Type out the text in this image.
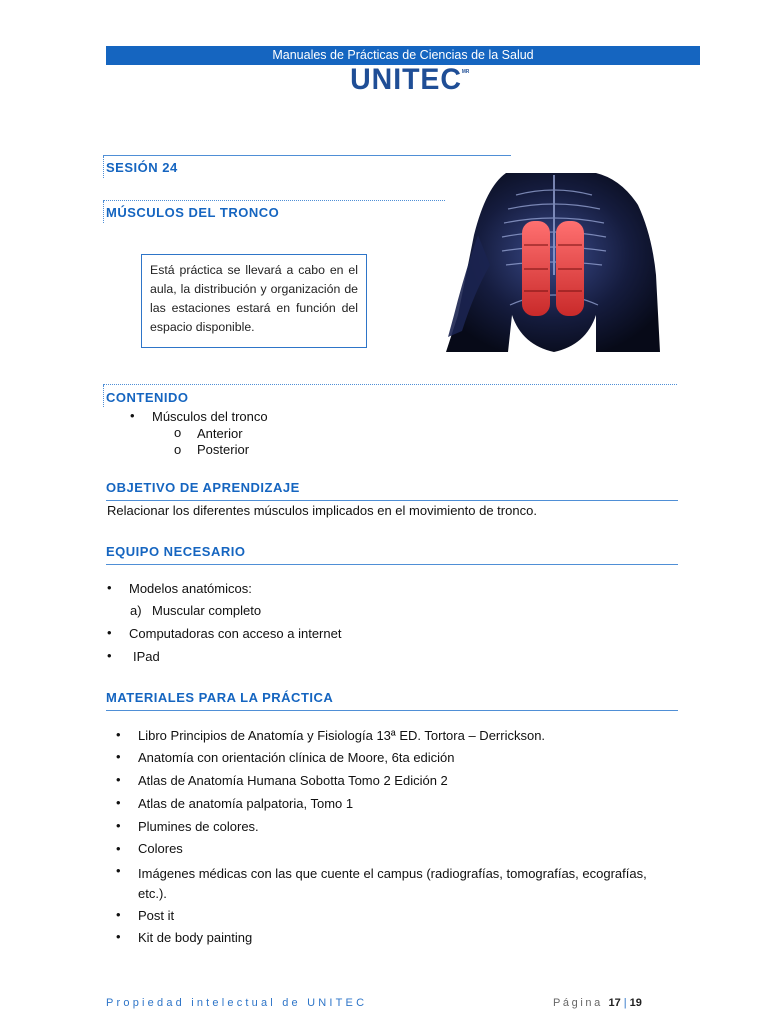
Manuales de Prácticas de Ciencias de la Salud
$UNITEC^{MR}$
SESIÓN 24
MÚSCULOS DEL TRONCO
Está práctica se llevará a cabo en el aula, la distribución y organización de las estaciones estará en función del espacio disponible.
CONTENIDO
• Músculos del tronco
o Anterior
o Posterior
OBJETIVO DE APRENDIZAJE
Relacionar los diferentes músculos implicados en el movimiento de tronco.
EQUIPO NECESARIO
• Modelos anatómicos:
a) Muscular completo
• Computadoras con acceso a internet
• IPad
MATERIALES PARA LA PRÁCTICA
• Libro Principios de Anatomía y Fisiología 13ª ED. Tortora – Derrickson.
• Anatomía con orientación clínica de Moore, 6ta edición
• Atlas de Anatomía Humana Sobotta Tomo 2 Edición 2
• Atlas de anatomía palpatoria, Tomo 1
• Plumines de colores.
• Colores
• Imágenes médicas con las que cuente el campus (radiografías, tomografías, ecografías, etc.).
• Post it
• Kit de body painting
Propiedad intelectual de UNITEC	Página 17 | 19
